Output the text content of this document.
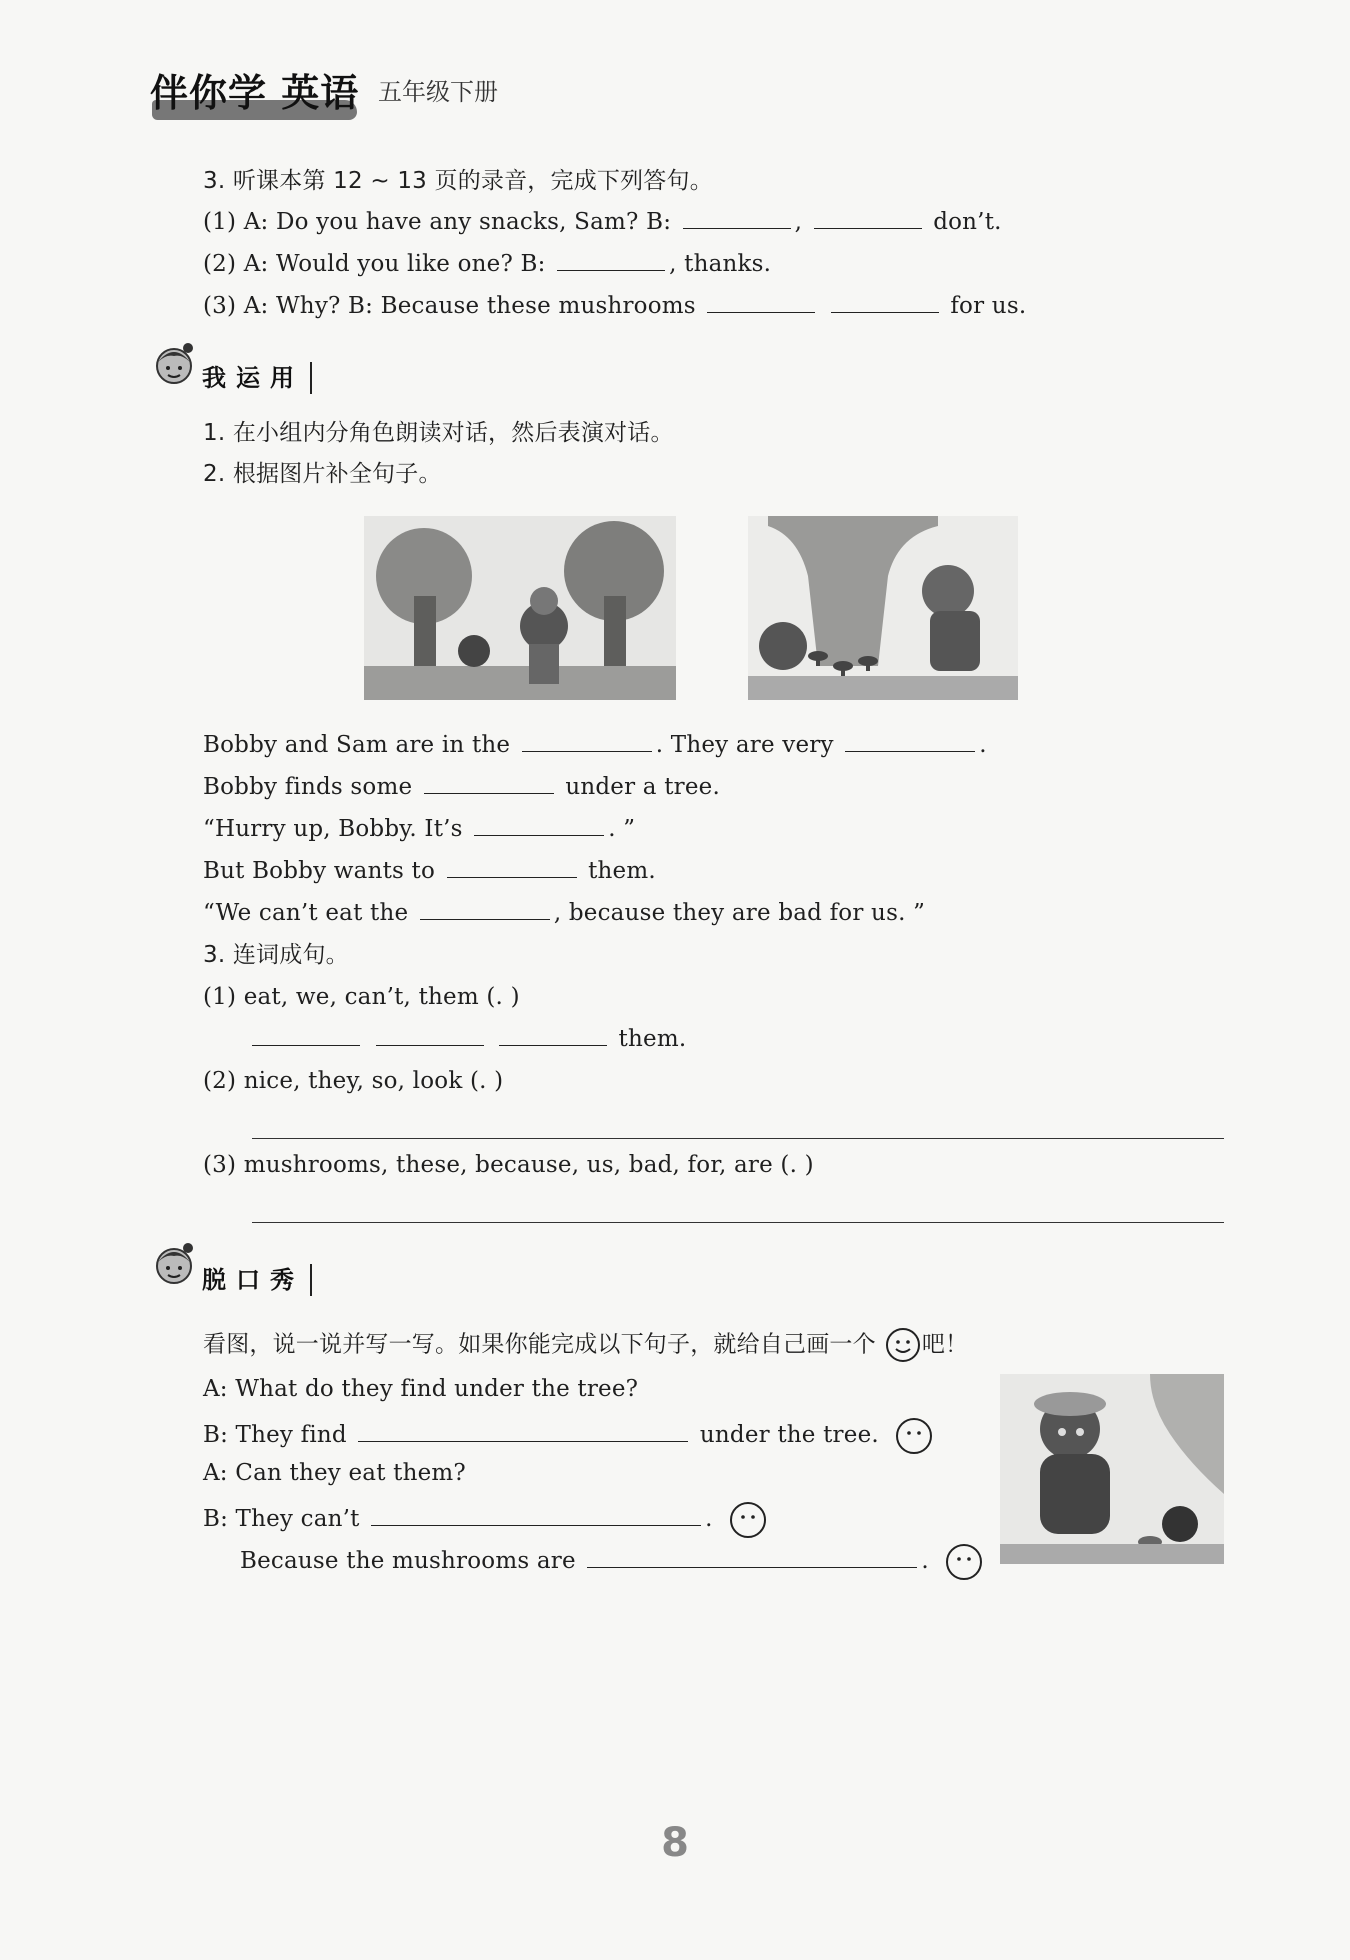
伴你学 英语 五年级下册
3. 听课本第 12 ~ 13 页的录音，完成下列答句。
(1) A: Do you have any snacks, Sam? B:	,	don’t.
(2) A: Would you like one? B:	, thanks.
(3) A: Why? B: Because these mushrooms	for us.
我运用
1. 在小组内分角色朗读对话，然后表演对话。
2. 根据图片补全句子。
Bobby and Sam are in the	. They are very	.
Bobby finds some	under a tree.
“Hurry up, Bobby. It’s	. ”
But Bobby wants to	them.
“We can’t eat the	, because they are bad for us. ”
3. 连词成句。
(1) eat, we, can’t, them (. )
them.
(2) nice, they, so, look (. )
(3) mushrooms, these, because, us, bad, for, are (. )
脱口秀
看图，说一说并写一写。如果你能完成以下句子，就给自己画一个 吧！
A: What do they find under the tree?
B: They find	under the tree.
A: Can they eat them?
B: They can’t	.
Because the mushrooms are	.
8
